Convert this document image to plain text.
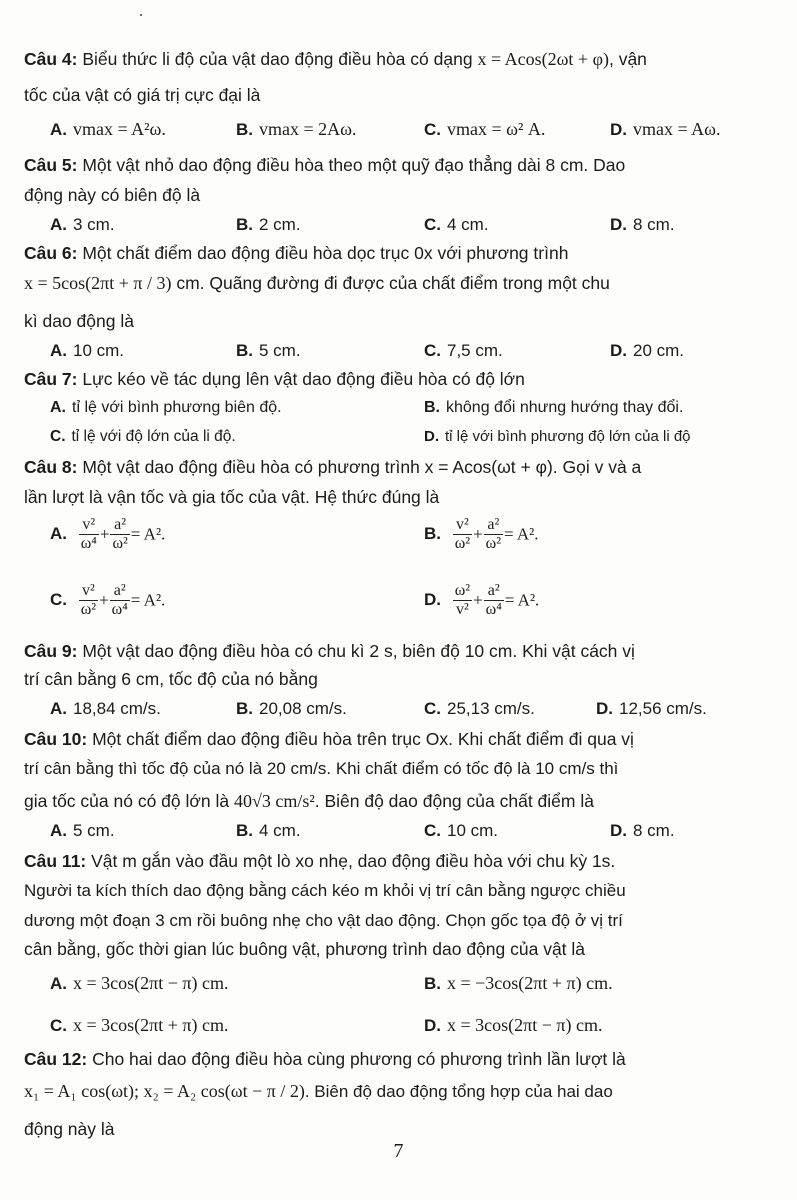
Câu 4: Biểu thức li độ của vật dao động điều hòa có dạng x = Acos(2ωt + φ), vận
tốc của vật có giá trị cực đại là
A. vmax = A²ω.	B. vmax = 2Aω.	C. vmax = ω² A.	D. vmax = Aω.
Câu 5: Một vật nhỏ dao động điều hòa theo một quỹ đạo thẳng dài 8 cm. Dao
động này có biên độ là
A. 3 cm.	B. 2 cm.	C. 4 cm.	D. 8 cm.
Câu 6: Một chất điểm dao động điều hòa dọc trục 0x với phương trình
x = 5cos(2πt + π / 3) cm. Quãng đường đi được của chất điểm trong một chu
kì dao động là
A. 10 cm.	B. 5 cm.	C. 7,5 cm.	D. 20 cm.
Câu 7: Lực kéo về tác dụng lên vật dao động điều hòa có độ lớn
A. tỉ lệ với bình phương biên độ.	B. không đổi nhưng hướng thay đổi.
C. tỉ lệ với độ lớn của li độ.	D. tỉ lệ với bình phương độ lớn của li độ
Câu 8: Một vật dao động điều hòa có phương trình x = Acos(ωt + φ). Gọi v và a
lần lượt là vận tốc và gia tốc của vật. Hệ thức đúng là
A. $\frac{\text{v²}}{\text{ω⁴}} + \frac{\text{a²}}{\text{ω²}} = A^2$.	B. $\frac{\text{v²}}{\text{ω²}} + \frac{\text{a²}}{\text{ω²}} = A^2$.
C. $\frac{\text{v²}}{\text{ω²}} + \frac{\text{a²}}{\text{ω⁴}} = A^2$.	D. $\frac{\text{ω²}}{\text{v²}} + \frac{\text{a²}}{\text{ω⁴}} = A^2$.
Câu 9: Một vật dao động điều hòa có chu kì 2 s, biên độ 10 cm. Khi vật cách vị
trí cân bằng 6 cm, tốc độ của nó bằng
A. 18,84 cm/s.	B. 20,08 cm/s.	C. 25,13 cm/s.	D. 12,56 cm/s.
Câu 10: Một chất điểm dao động điều hòa trên trục Ox. Khi chất điểm đi qua vị
trí cân bằng thì tốc độ của nó là 20 cm/s. Khi chất điểm có tốc độ là 10 cm/s thì
gia tốc của nó có độ lớn là 40√3 cm/s². Biên độ dao động của chất điểm là
A. 5 cm.	B. 4 cm.	C. 10 cm.	D. 8 cm.
Câu 11: Vật m gắn vào đầu một lò xo nhẹ, dao động điều hòa với chu kỳ 1s.
Người ta kích thích dao động bằng cách kéo m khỏi vị trí cân bằng ngược chiều
dương một đoạn 3 cm rồi buông nhẹ cho vật dao động. Chọn gốc tọa độ ở vị trí
cân bằng, gốc thời gian lúc buông vật, phương trình dao động của vật là
A. x = 3cos(2πt − π) cm.	B. x = −3cos(2πt + π) cm.
C. x = 3cos(2πt + π) cm.	D. x = 3cos(2πt − π) cm.
Câu 12: Cho hai dao động điều hòa cùng phương có phương trình lần lượt là
x₁ = A₁ cos(ωt); x₂ = A₂ cos(ωt − π / 2). Biên độ dao động tổng hợp của hai dao
động này là
7
